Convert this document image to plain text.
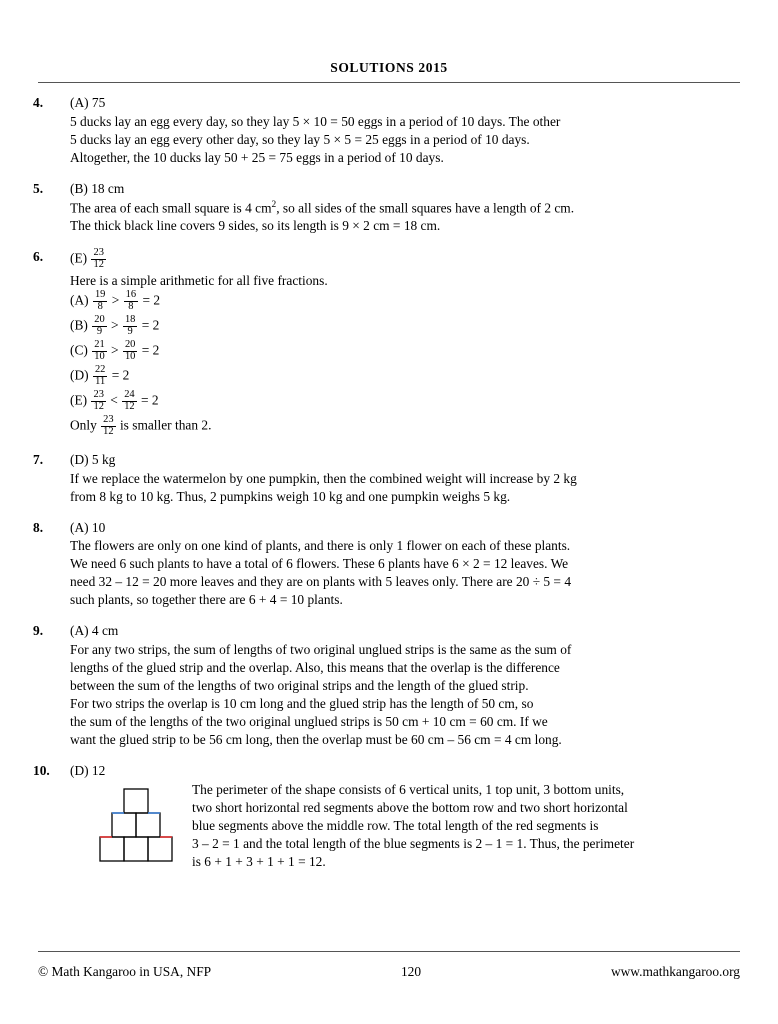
SOLUTIONS 2015
4.	(A) 75
5 ducks lay an egg every day, so they lay 5 × 10 = 50 eggs in a period of 10 days. The other
5 ducks lay an egg every other day, so they lay 5 × 5 = 25 eggs in a period of 10 days.
Altogether, the 10 ducks lay 50 + 25 = 75 eggs in a period of 10 days.
5.	(B) 18 cm
The area of each small square is 4 $cm^2$, so all sides of the small squares have a length of 2 cm.
The thick black line covers 9 sides, so its length is 9 × 2 cm = 18 cm.
6.	$(E) \frac{23}{12}$
Here is a simple arithmetic for all five fractions.
$(A) \frac{19}{8} > \frac{16}{8} = 2$
$(B) \frac{20}{9} > \frac{18}{9} = 2$
$(C) \frac{21}{10} > \frac{20}{10} = 2$
$(D) \frac{22}{11} = 2$
$(E) \frac{23}{12} < \frac{24}{12} = 2$
Only $\frac{23}{12}$ is smaller than 2.
7.	(D) 5 kg
If we replace the watermelon by one pumpkin, then the combined weight will increase by 2 kg
from 8 kg to 10 kg. Thus, 2 pumpkins weigh 10 kg and one pumpkin weighs 5 kg.
8.	(A) 10
The flowers are only on one kind of plants, and there is only 1 flower on each of these plants.
We need 6 such plants to have a total of 6 flowers. These 6 plants have 6 × 2 = 12 leaves. We
need 32 – 12 = 20 more leaves and they are on plants with 5 leaves only. There are 20 ÷ 5 = 4
such plants, so together there are 6 + 4 = 10 plants.
9.	(A) 4 cm
For any two strips, the sum of lengths of two original unglued strips is the same as the sum of
lengths of the glued strip and the overlap. Also, this means that the overlap is the difference
between the sum of the lengths of two original strips and the length of the glued strip.
For two strips the overlap is 10 cm long and the glued strip has the length of 50 cm, so
the sum of the lengths of the two original unglued strips is 50 cm + 10 cm = 60 cm. If we
want the glued strip to be 56 cm long, then the overlap must be 60 cm – 56 cm = 4 cm long.
10.	(D) 12
The perimeter of the shape consists of 6 vertical units, 1 top unit, 3 bottom units,
two short horizontal red segments above the bottom row and two short horizontal
blue segments above the middle row. The total length of the red segments is
3 – 2 = 1 and the total length of the blue segments is 2 – 1 = 1. Thus, the perimeter
is 6 + 1 + 3 + 1 + 1 = 12.
© Math Kangaroo in USA, NFP	120	www.mathkangaroo.org
